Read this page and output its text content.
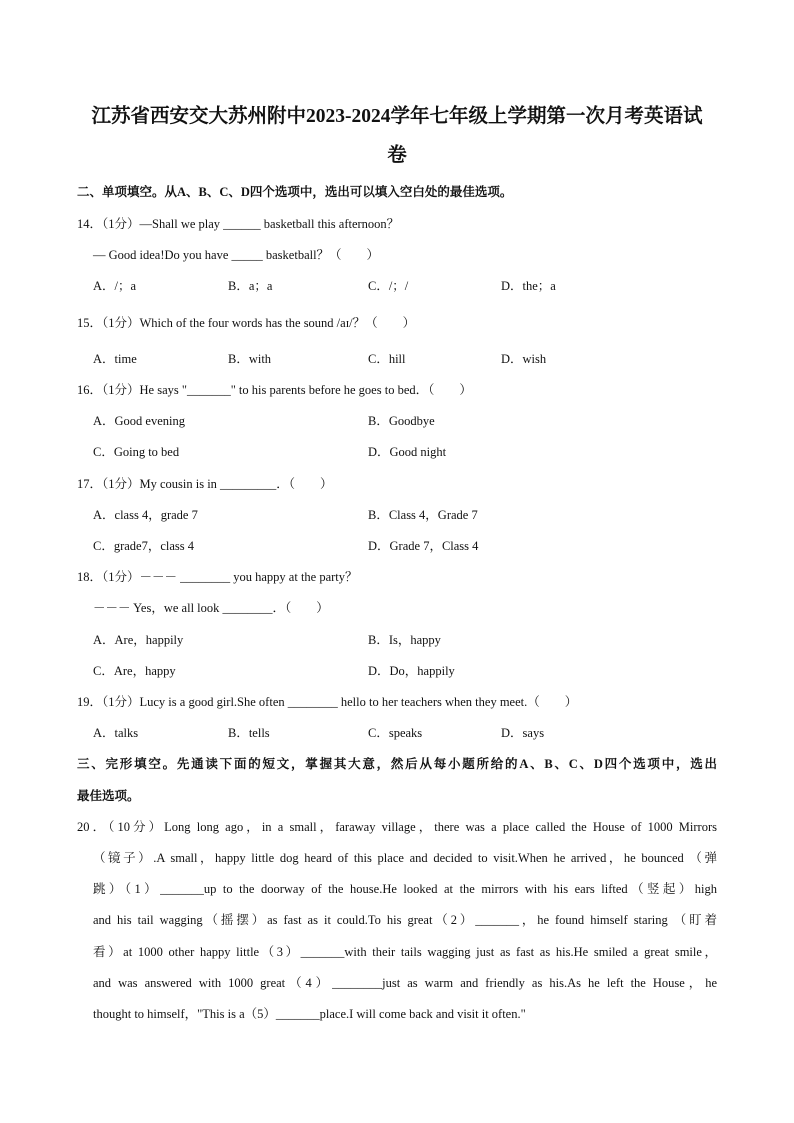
江苏省西安交大苏州附中2023-2024学年七年级上学期第一次月考英语试
卷
二、单项填空。从A、B、C、D四个选项中，选出可以填入空白处的最佳选项。
14．（1分）—Shall we play ______ basketball this afternoon？
— Good idea!Do you have _____ basketball？（　　）
A．/；a	B．a；a	C．/；/	D．the；a
15．（1分）Which of the four words has the sound /aɪ/？（　　）
A．time	B．with	C．hill	D．wish
16．（1分）He says "_______" to his parents before he goes to bed．（　　）
A．Good evening	B．Goodbye
C．Going to bed	D．Good night
17．（1分）My cousin is in _________．（　　）
A．class 4，grade 7	B．Class 4，Grade 7
C．grade7，class 4	D．Grade 7，Class 4
18．（1分）－－－ ________ you happy at the party？
－－－ Yes，we all look ________．（　　）
A．Are，happily	B．Is，happy
C．Are，happy	D．Do，happily
19．（1分）Lucy is a good girl.She often ________ hello to her teachers when they meet.（　　）
A．talks	B．tells	C．speaks	D．says
三、完形填空。先通读下面的短文，掌握其大意，然后从每小题所给的A、B、C、D四个选项中，选出
最佳选项。
20．（10分）Long long ago，in a small，faraway village，there was a place called the House of 1000 Mirrors
（镜子）.A small，happy little dog heard of this place and decided to visit.When he arrived，he bounced （弹
跳）（1）_______up to the doorway of the house.He looked at the mirrors with his ears lifted（竖起）high
and his tail wagging（摇摆）as fast as it could.To his great（2）_______，he found himself staring （盯着
看）at 1000 other happy little（3）_______with their tails wagging just as fast as his.He smiled a great smile，
and was answered with 1000 great（4）________just as warm and friendly as his.As he left the House，he
thought to himself，"This is a（5）_______place.I will come back and visit it often."
